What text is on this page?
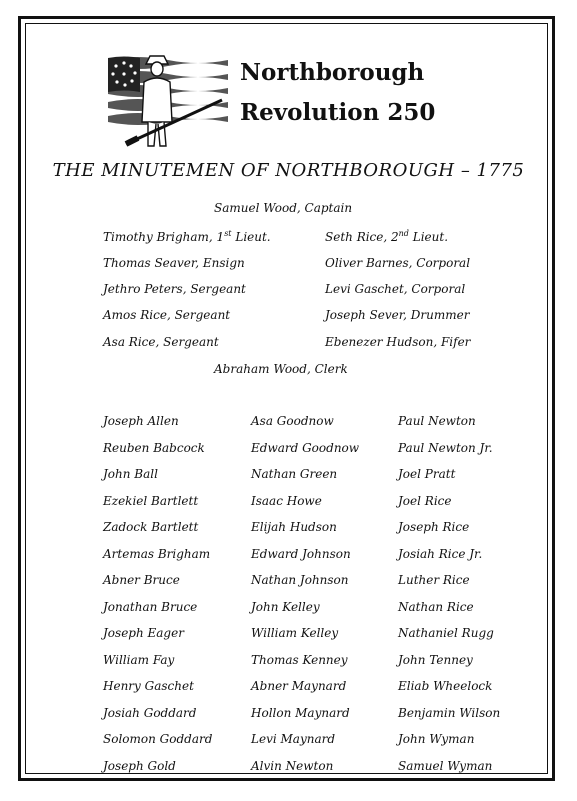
Northborough
Revolution 250
THE MINUTEMEN OF NORTHBOROUGH – 1775
Samuel Wood, Captain
Timothy Brigham, 1st Lieut.
Thomas Seaver, Ensign
Jethro Peters, Sergeant
Amos Rice, Sergeant
Asa Rice, Sergeant
Seth Rice, 2nd Lieut.
Oliver Barnes, Corporal
Levi Gaschet, Corporal
Joseph Sever, Drummer
Ebenezer Hudson, Fifer
Abraham Wood, Clerk
Joseph Allen
Reuben Babcock
John Ball
Ezekiel Bartlett
Zadock Bartlett
Artemas Brigham
Abner Bruce
Jonathan Bruce
Joseph Eager
William Fay
Henry Gaschet
Josiah Goddard
Solomon Goddard
Joseph Gold
Asa Goodnow
Edward Goodnow
Nathan Green
Isaac Howe
Elijah Hudson
Edward Johnson
Nathan Johnson
John Kelley
William Kelley
Thomas Kenney
Abner Maynard
Hollon Maynard
Levi Maynard
Alvin Newton
Paul Newton
Paul Newton Jr.
Joel Pratt
Joel Rice
Joseph Rice
Josiah Rice Jr.
Luther Rice
Nathan Rice
Nathaniel Rugg
John Tenney
Eliab Wheelock
Benjamin Wilson
John Wyman
Samuel Wyman
